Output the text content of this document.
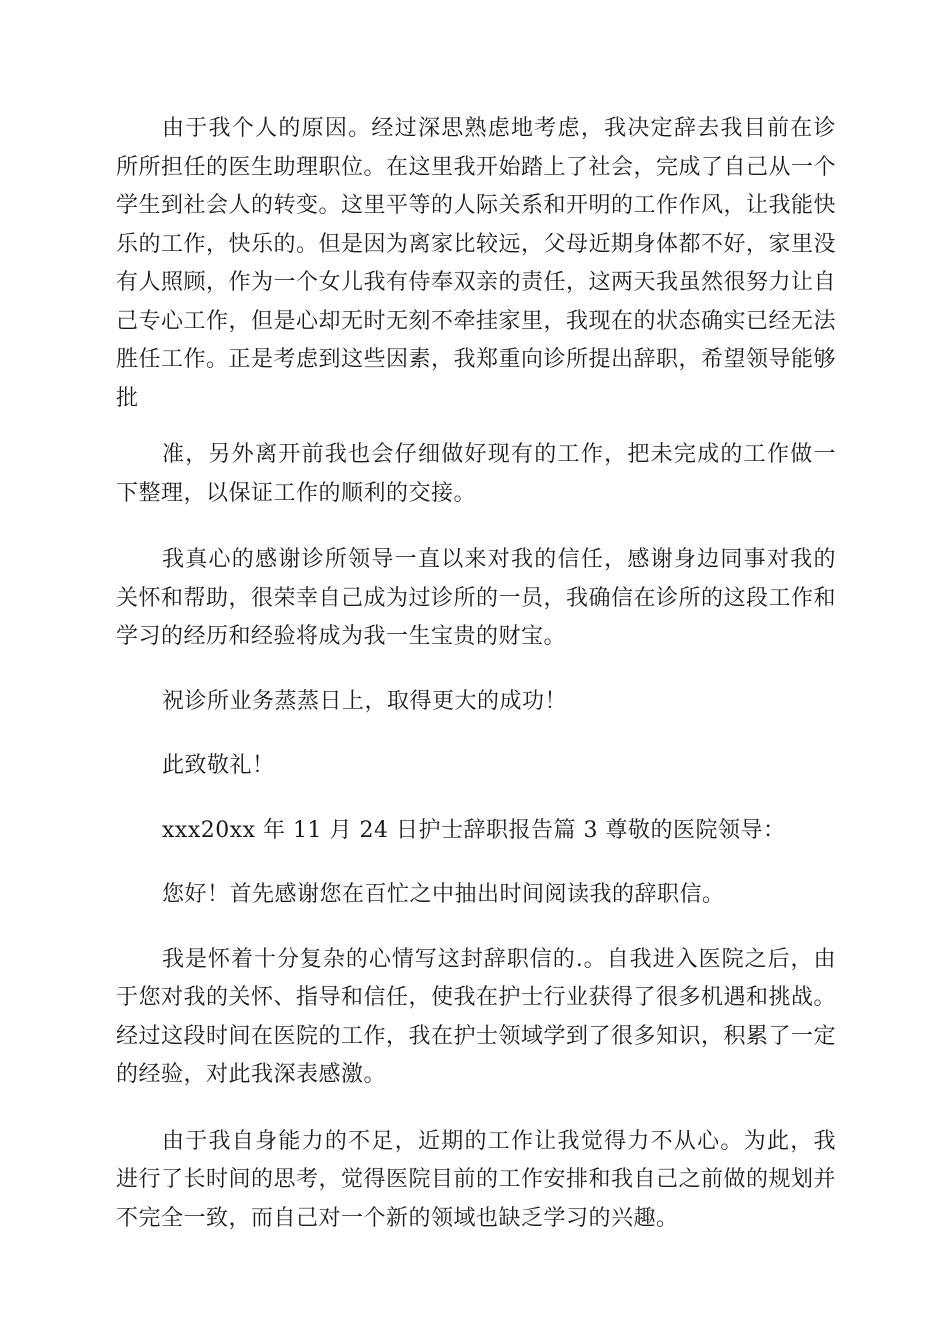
由于我个人的原因。经过深思熟虑地考虑，我决定辞去我目前在诊所所担任的医生助理职位。在这里我开始踏上了社会，完成了自己从一个学生到社会人的转变。这里平等的人际关系和开明的工作作风，让我能快乐的工作，快乐的。但是因为离家比较远，父母近期身体都不好，家里没有人照顾，作为一个女儿我有侍奉双亲的责任，这两天我虽然很努力让自己专心工作，但是心却无时无刻不牵挂家里，我现在的状态确实已经无法胜任工作。正是考虑到这些因素，我郑重向诊所提出辞职，希望领导能够批

准，另外离开前我也会仔细做好现有的工作，把未完成的工作做一下整理，以保证工作的顺利的交接。

我真心的感谢诊所领导一直以来对我的信任，感谢身边同事对我的关怀和帮助，很荣幸自己成为过诊所的一员，我确信在诊所的这段工作和学习的经历和经验将成为我一生宝贵的财宝。

祝诊所业务蒸蒸日上，取得更大的成功！

此致敬礼！

xxx20xx 年 11 月 24 日护士辞职报告篇 3 尊敬的医院领导：

您好！首先感谢您在百忙之中抽出时间阅读我的辞职信。

我是怀着十分复杂的心情写这封辞职信的.。自我进入医院之后，由于您对我的关怀、指导和信任，使我在护士行业获得了很多机遇和挑战。经过这段时间在医院的工作，我在护士领域学到了很多知识，积累了一定的经验，对此我深表感激。

由于我自身能力的不足，近期的工作让我觉得力不从心。为此，我进行了长时间的思考，觉得医院目前的工作安排和我自己之前做的规划并不完全一致，而自己对一个新的领域也缺乏学习的兴趣。
